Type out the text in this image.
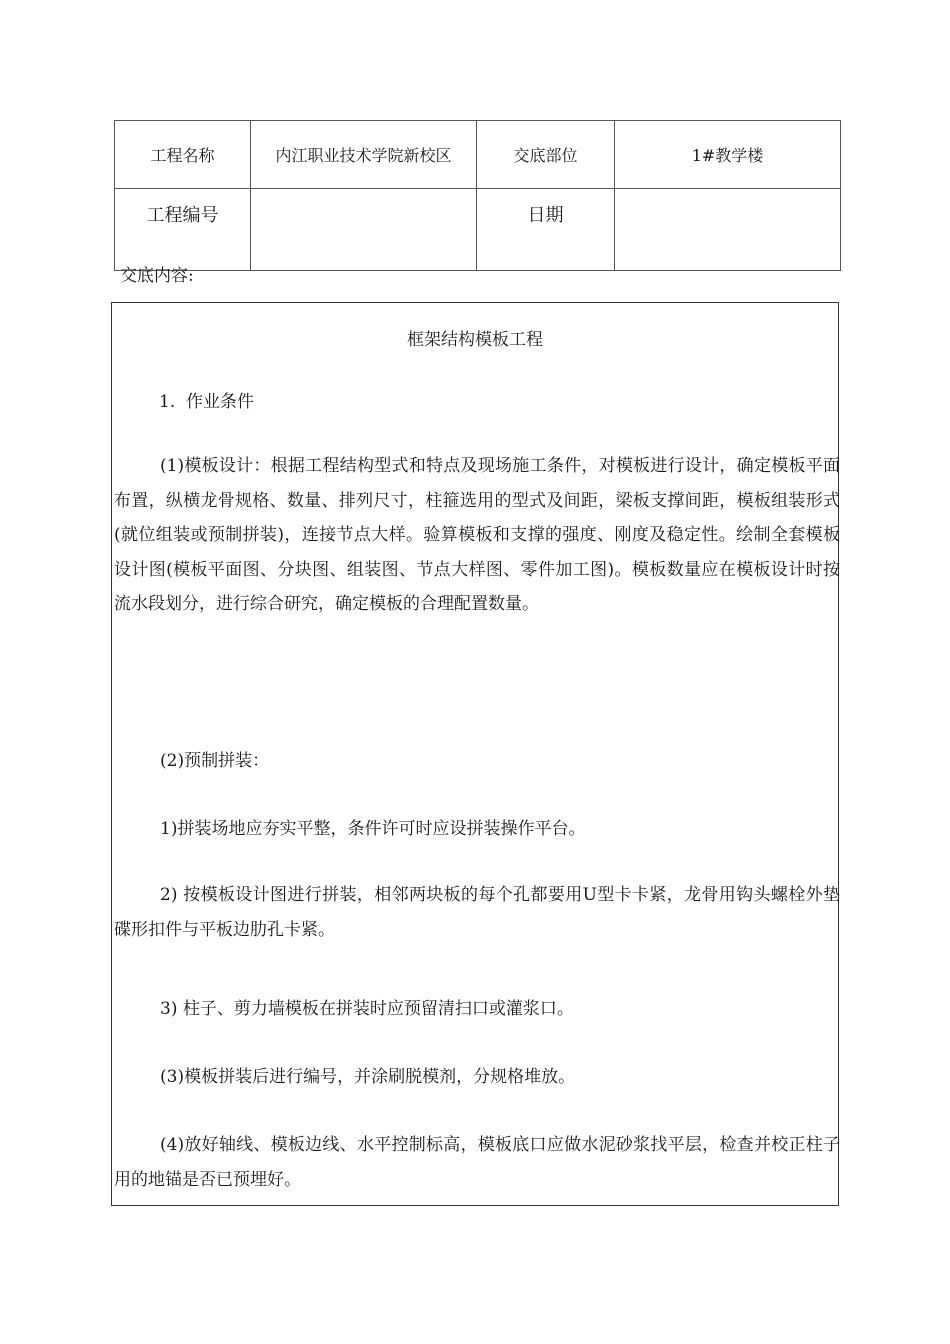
工程名称	内江职业技术学院新校区	交底部位	1#教学楼
工程编号		日期	
交底内容:
框架结构模板工程
1.  作业条件
(1)模板设计：根据工程结构型式和特点及现场施工条件，对模板进行设计，确定模板平面布置，纵横龙骨规格、数量、排列尺寸，柱箍选用的型式及间距，梁板支撑间距，模板组装形式(就位组装或预制拼装)，连接节点大样。验算模板和支撑的强度、刚度及稳定性。绘制全套模板设计图(模板平面图、分块图、组装图、节点大样图、零件加工图)。模板数量应在模板设计时按流水段划分，进行综合研究，确定模板的合理配置数量。
(2)预制拼装：
1)拼装场地应夯实平整，条件许可时应设拼装操作平台。
2) 按模板设计图进行拼装，相邻两块板的每个孔都要用U型卡卡紧，龙骨用钩头螺栓外垫碟形扣件与平板边肋孔卡紧。
3) 柱子、剪力墙模板在拼装时应预留清扫口或灌浆口。
(3)模板拼装后进行编号，并涂刷脱模剂，分规格堆放。
(4)放好轴线、模板边线、水平控制标高，模板底口应做水泥砂浆找平层，检查并校正柱子用的地锚是否已预埋好。
